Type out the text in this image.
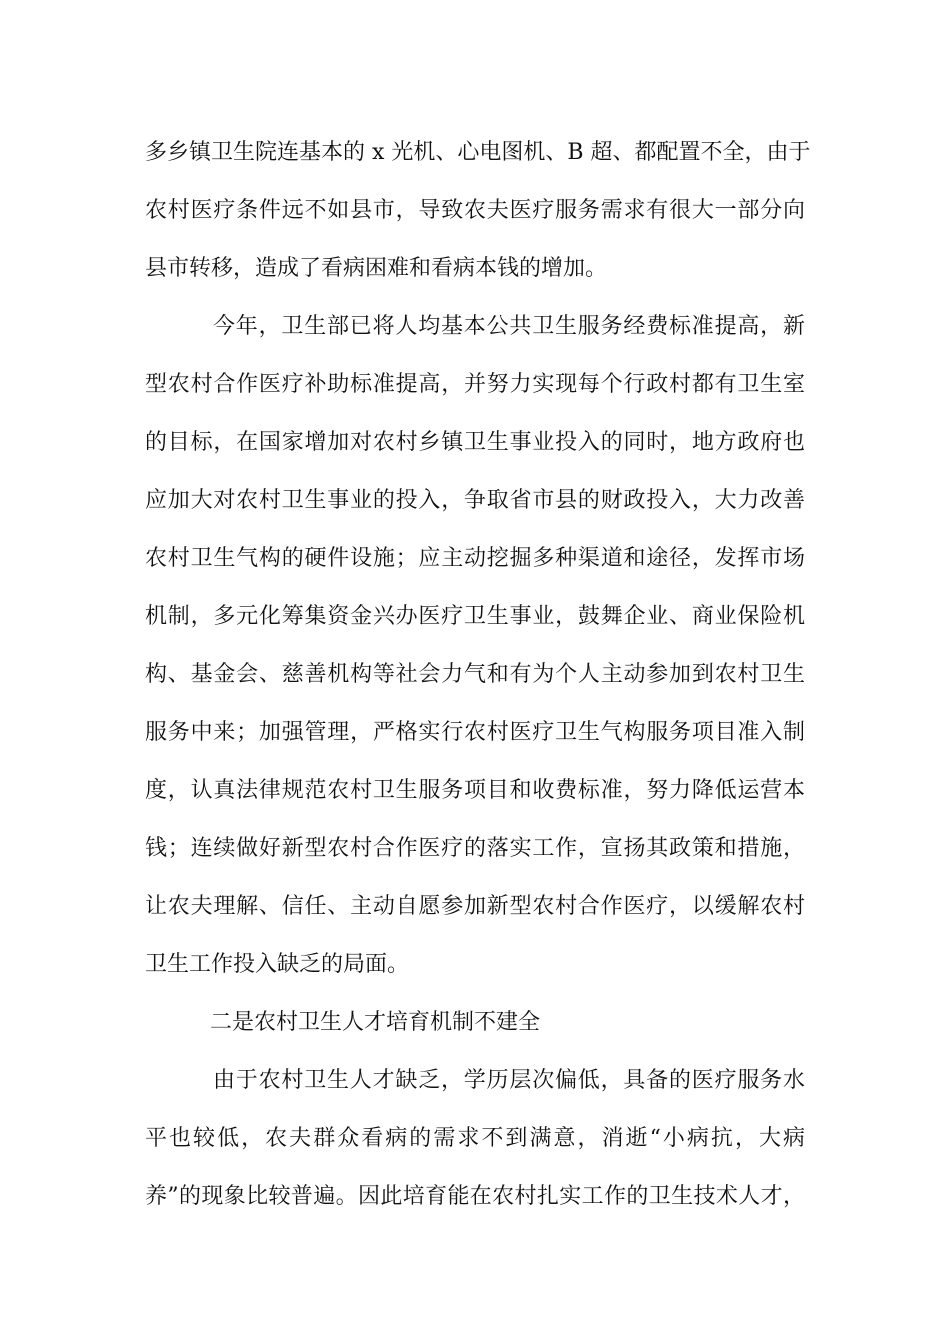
多乡镇卫生院连基本的 x 光机、心电图机、B 超、都配置不全，由于
农村医疗条件远不如县市，导致农夫医疗服务需求有很大一部分向
县市转移，造成了看病困难和看病本钱的增加。
今年，卫生部已将人均基本公共卫生服务经费标准提高，新
型农村合作医疗补助标准提高，并努力实现每个行政村都有卫生室
的目标，在国家增加对农村乡镇卫生事业投入的同时，地方政府也
应加大对农村卫生事业的投入，争取省市县的财政投入，大力改善
农村卫生气构的硬件设施；应主动挖掘多种渠道和途径，发挥市场
机制，多元化筹集资金兴办医疗卫生事业，鼓舞企业、商业保险机
构、基金会、慈善机构等社会力气和有为个人主动参加到农村卫生
服务中来；加强管理，严格实行农村医疗卫生气构服务项目准入制
度，认真法律规范农村卫生服务项目和收费标准，努力降低运营本
钱；连续做好新型农村合作医疗的落实工作，宣扬其政策和措施，
让农夫理解、信任、主动自愿参加新型农村合作医疗，以缓解农村
卫生工作投入缺乏的局面。
二是农村卫生人才培育机制不建全
由于农村卫生人才缺乏，学历层次偏低，具备的医疗服务水
平也较低，农夫群众看病的需求不到满意，消逝“小病抗，大病
养”的现象比较普遍。因此培育能在农村扎实工作的卫生技术人才，
